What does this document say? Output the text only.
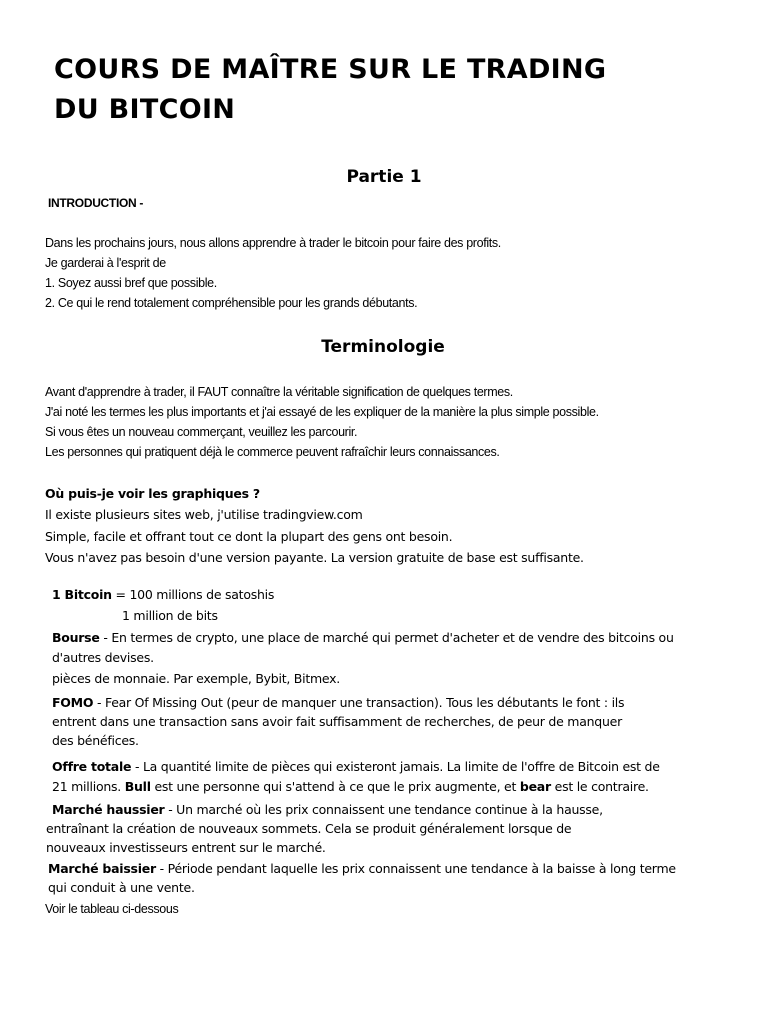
COURS DE MAÎTRE SUR LE TRADING
DU BITCOIN
Partie 1
INTRODUCTION -
Dans les prochains jours, nous allons apprendre à trader le bitcoin pour faire des profits.
Je garderai à l'esprit de
1. Soyez aussi bref que possible.
2. Ce qui le rend totalement compréhensible pour les grands débutants.
Terminologie
Avant d'apprendre à trader, il FAUT connaître la véritable signification de quelques termes.
J'ai noté les termes les plus importants et j'ai essayé de les expliquer de la manière la plus simple possible.
Si vous êtes un nouveau commerçant, veuillez les parcourir.
Les personnes qui pratiquent déjà le commerce peuvent rafraîchir leurs connaissances.
Où puis-je voir les graphiques ?
Il existe plusieurs sites web, j'utilise tradingview.com
Simple, facile et offrant tout ce dont la plupart des gens ont besoin.
Vous n'avez pas besoin d'une version payante. La version gratuite de base est suffisante.
1 Bitcoin = 100 millions de satoshis
1 million de bits
Bourse - En termes de crypto, une place de marché qui permet d'acheter et de vendre des bitcoins ou
d'autres devises.
pièces de monnaie. Par exemple, Bybit, Bitmex.
FOMO - Fear Of Missing Out (peur de manquer une transaction). Tous les débutants le font : ils
entrent dans une transaction sans avoir fait suffisamment de recherches, de peur de manquer
des bénéfices.
Offre totale - La quantité limite de pièces qui existeront jamais. La limite de l'offre de Bitcoin est de
21 millions. Bull est une personne qui s'attend à ce que le prix augmente, et bear est le contraire.
Marché haussier - Un marché où les prix connaissent une tendance continue à la hausse,
entraînant la création de nouveaux sommets. Cela se produit généralement lorsque de
nouveaux investisseurs entrent sur le marché.
Marché baissier - Période pendant laquelle les prix connaissent une tendance à la baisse à long terme
qui conduit à une vente.
Voir le tableau ci-dessous
